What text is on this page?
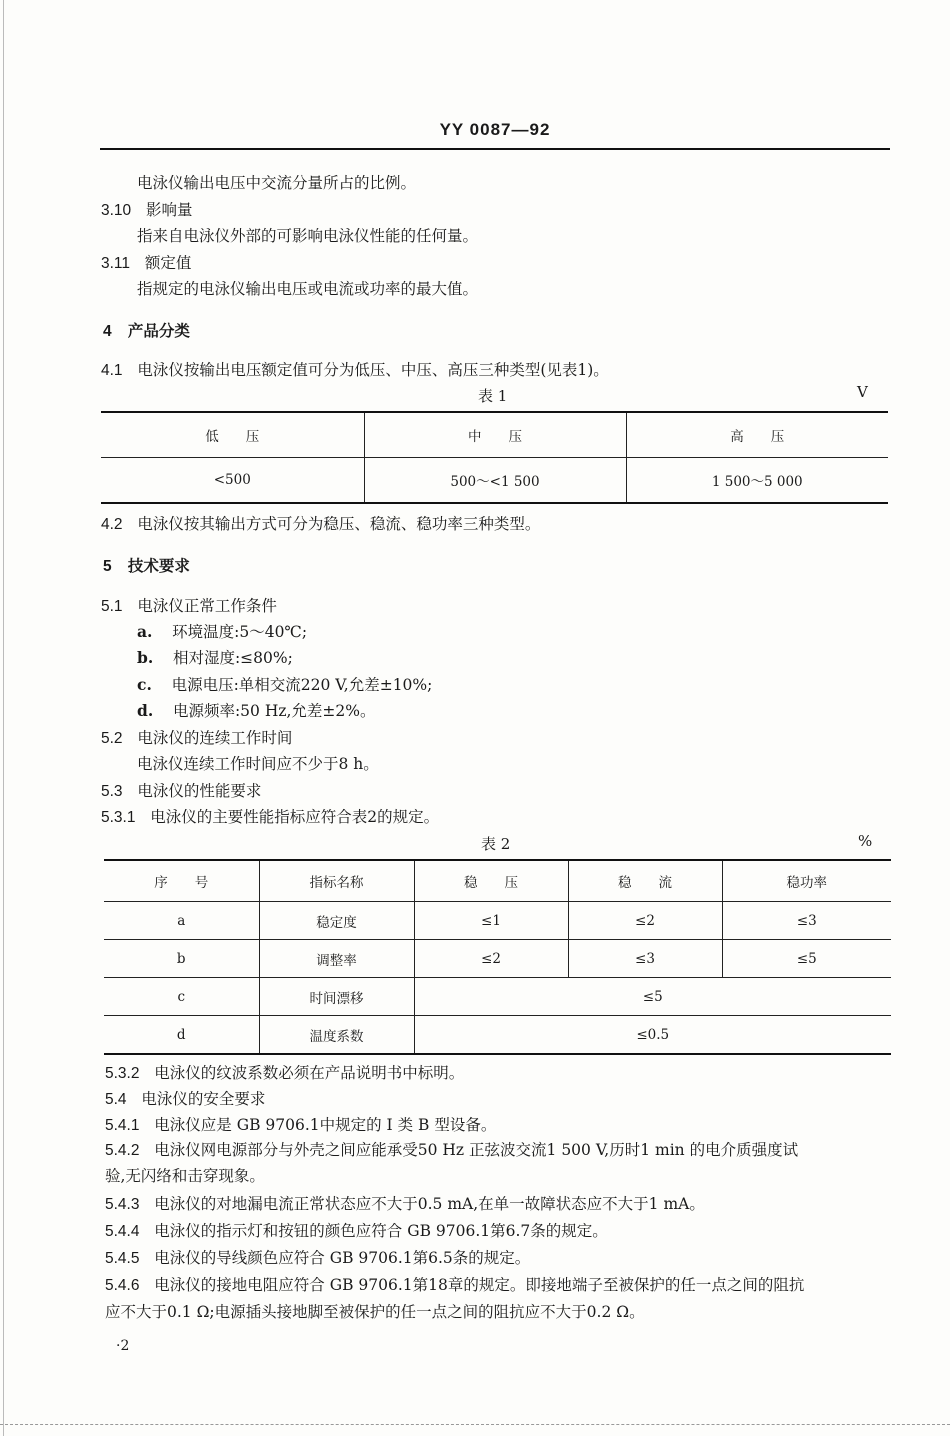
YY 0087—92
电泳仪输出电压中交流分量所占的比例。
3.10 影响量
指来自电泳仪外部的可影响电泳仪性能的任何量。
3.11 额定值
指规定的电泳仪输出电压或电流或功率的最大值。
4 产品分类
4.1 电泳仪按输出电压额定值可分为低压、中压、高压三种类型(见表1)。
表 1	V
低　　压	中　　压	高　　压
<500	500～<1 500	1 500～5 000
4.2 电泳仪按其输出方式可分为稳压、稳流、稳功率三种类型。
5 技术要求
5.1 电泳仪正常工作条件
a. 环境温度:5～40℃;
b. 相对湿度:≤80%;
c. 电源电压:单相交流220 V,允差±10%;
d. 电源频率:50 Hz,允差±2%。
5.2 电泳仪的连续工作时间
电泳仪连续工作时间应不少于8 h。
5.3 电泳仪的性能要求
5.3.1 电泳仪的主要性能指标应符合表2的规定。
表 2	%
序　　号	指标名称	稳　　压	稳　　流	稳功率
a	稳定度	≤1	≤2	≤3
b	调整率	≤2	≤3	≤5
c	时间漂移	≤5		
d	温度系数	≤0.5		
5.3.2 电泳仪的纹波系数必须在产品说明书中标明。
5.4 电泳仪的安全要求
5.4.1 电泳仪应是 GB 9706.1中规定的 I 类 B 型设备。
5.4.2 电泳仪网电源部分与外壳之间应能承受50 Hz 正弦波交流1 500 V,历时1 min 的电介质强度试
验,无闪络和击穿现象。
5.4.3 电泳仪的对地漏电流正常状态应不大于0.5 mA,在单一故障状态应不大于1 mA。
5.4.4 电泳仪的指示灯和按钮的颜色应符合 GB 9706.1第6.7条的规定。
5.4.5 电泳仪的导线颜色应符合 GB 9706.1第6.5条的规定。
5.4.6 电泳仪的接地电阻应符合 GB 9706.1第18章的规定。即接地端子至被保护的任一点之间的阻抗
应不大于0.1 Ω;电源插头接地脚至被保护的任一点之间的阻抗应不大于0.2 Ω。
·2
